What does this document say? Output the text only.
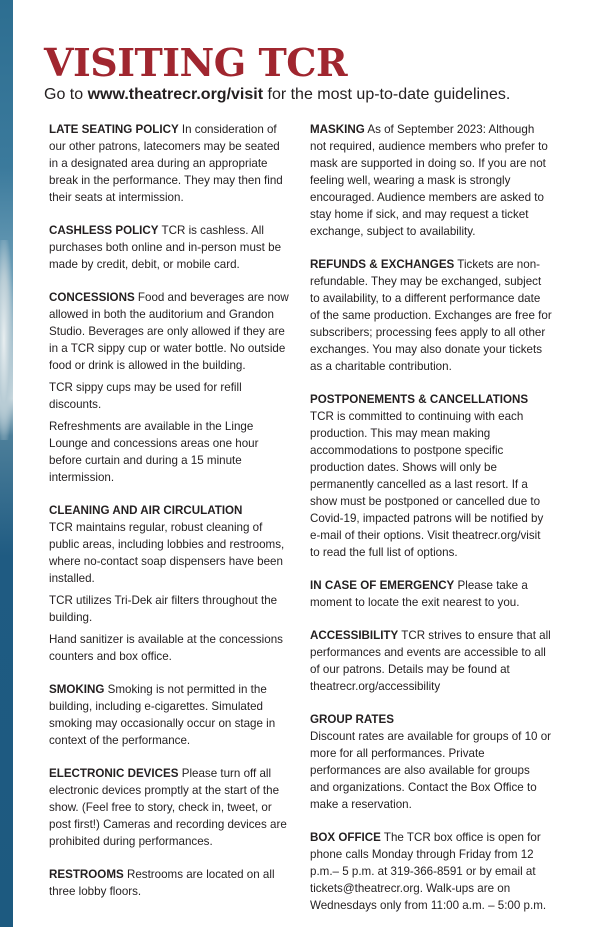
VISITING TCR

Go to www.theatrecr.org/visit for the most up-to-date guidelines.

LATE SEATING POLICY In consideration of our other patrons, latecomers may be seated in a designated area during an appropriate break in the performance. They may then find their seats at intermission.

CASHLESS POLICY TCR is cashless. All purchases both online and in-person must be made by credit, debit, or mobile card.

CONCESSIONS Food and beverages are now allowed in both the auditorium and Grandon Studio. Beverages are only allowed if they are in a TCR sippy cup or water bottle. No outside food or drink is allowed in the building.

TCR sippy cups may be used for refill discounts.

Refreshments are available in the Linge Lounge and concessions areas one hour before curtain and during a 15 minute intermission.

CLEANING AND AIR CIRCULATION
TCR maintains regular, robust cleaning of public areas, including lobbies and restrooms, where no-contact soap dispensers have been installed.

TCR utilizes Tri-Dek air filters throughout the building.

Hand sanitizer is available at the concessions counters and box office.

SMOKING Smoking is not permitted in the building, including e-cigarettes. Simulated smoking may occasionally occur on stage in context of the performance.

ELECTRONIC DEVICES Please turn off all electronic devices promptly at the start of the show. (Feel free to story, check in, tweet, or post first!) Cameras and recording devices are prohibited during performances.

RESTROOMS Restrooms are located on all three lobby floors.

MASKING As of September 2023: Although not required, audience members who prefer to mask are supported in doing so. If you are not feeling well, wearing a mask is strongly encouraged. Audience members are asked to stay home if sick, and may request a ticket exchange, subject to availability.

REFUNDS & EXCHANGES Tickets are non-refundable. They may be exchanged, subject to availability, to a different performance date of the same production. Exchanges are free for subscribers; processing fees apply to all other exchanges. You may also donate your tickets as a charitable contribution.

POSTPONEMENTS & CANCELLATIONS
TCR is committed to continuing with each production. This may mean making accommodations to postpone specific production dates. Shows will only be permanently cancelled as a last resort. If a show must be postponed or cancelled due to Covid-19, impacted patrons will be notified by e-mail of their options. Visit theatrecr.org/visit to read the full list of options.

IN CASE OF EMERGENCY Please take a moment to locate the exit nearest to you.

ACCESSIBILITY TCR strives to ensure that all performances and events are accessible to all of our patrons. Details may be found at theatrecr.org/accessibility

GROUP RATES
Discount rates are available for groups of 10 or more for all performances. Private performances are also available for groups and organizations. Contact the Box Office to make a reservation.

BOX OFFICE The TCR box office is open for phone calls Monday through Friday from 12 p.m.– 5 p.m. at 319-366-8591 or by email at tickets@theatrecr.org. Walk-ups are on Wednesdays only from 11:00 a.m. – 5:00 p.m.
